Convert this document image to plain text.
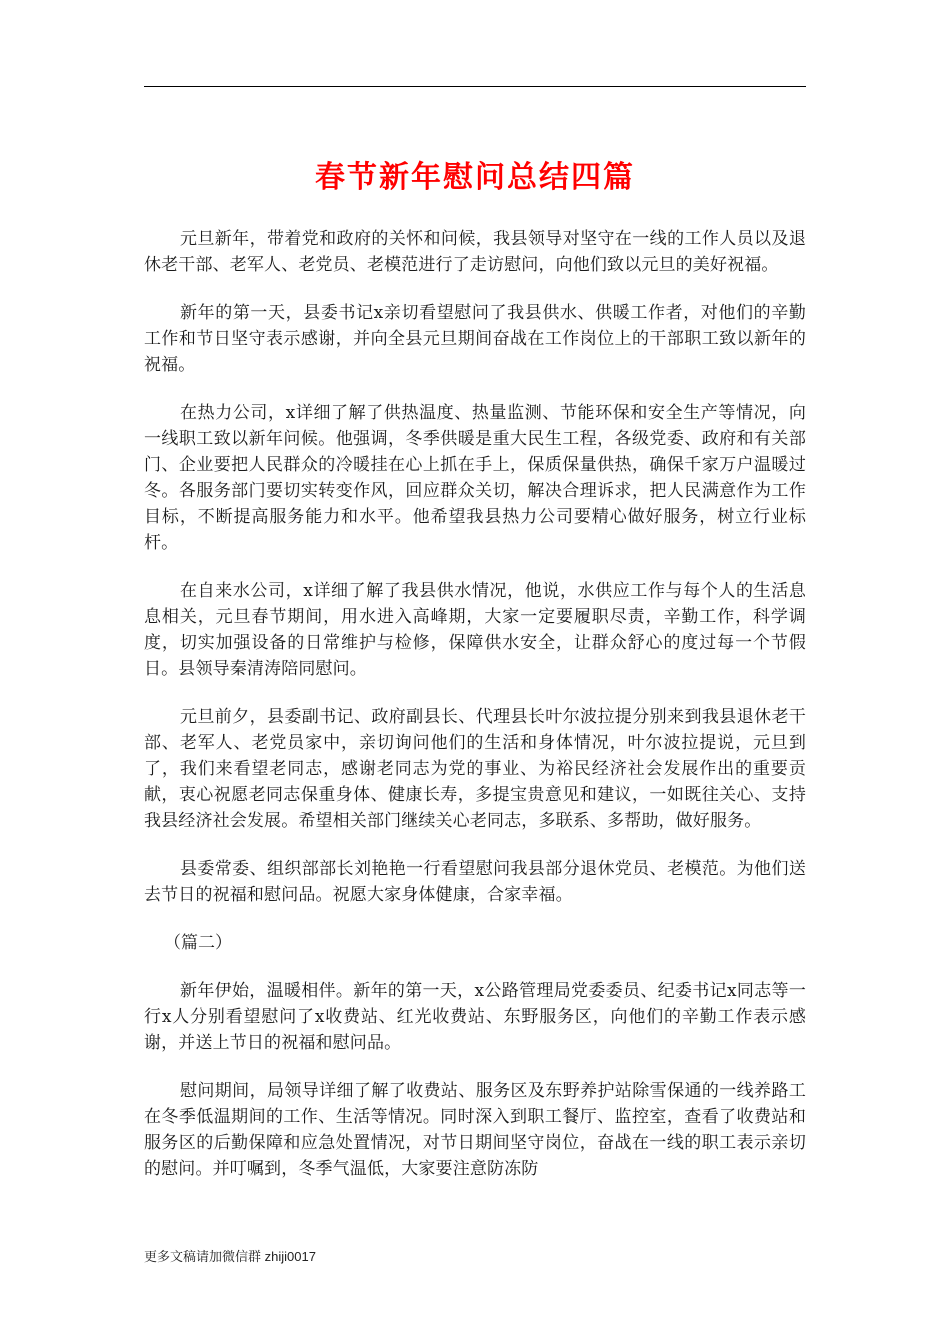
春节新年慰问总结四篇

元旦新年，带着党和政府的关怀和问候，我县领导对坚守在一线的工作人员以及退休老干部、老军人、老党员、老模范进行了走访慰问，向他们致以元旦的美好祝福。

新年的第一天，县委书记x亲切看望慰问了我县供水、供暖工作者，对他们的辛勤工作和节日坚守表示感谢，并向全县元旦期间奋战在工作岗位上的干部职工致以新年的祝福。

在热力公司，x详细了解了供热温度、热量监测、节能环保和安全生产等情况，向一线职工致以新年问候。他强调，冬季供暖是重大民生工程，各级党委、政府和有关部门、企业要把人民群众的冷暖挂在心上抓在手上，保质保量供热，确保千家万户温暖过冬。各服务部门要切实转变作风，回应群众关切，解决合理诉求，把人民满意作为工作目标，不断提高服务能力和水平。他希望我县热力公司要精心做好服务，树立行业标杆。

在自来水公司，x详细了解了我县供水情况，他说，水供应工作与每个人的生活息息相关，元旦春节期间，用水进入高峰期，大家一定要履职尽责，辛勤工作，科学调度，切实加强设备的日常维护与检修，保障供水安全，让群众舒心的度过每一个节假日。县领导秦清涛陪同慰问。

元旦前夕，县委副书记、政府副县长、代理县长叶尔波拉提分别来到我县退休老干部、老军人、老党员家中，亲切询问他们的生活和身体情况，叶尔波拉提说，元旦到了，我们来看望老同志，感谢老同志为党的事业、为裕民经济社会发展作出的重要贡献，衷心祝愿老同志保重身体、健康长寿，多提宝贵意见和建议，一如既往关心、支持我县经济社会发展。希望相关部门继续关心老同志，多联系、多帮助，做好服务。

县委常委、组织部部长刘艳艳一行看望慰问我县部分退休党员、老模范。为他们送去节日的祝福和慰问品。祝愿大家身体健康，合家幸福。

（篇二）

新年伊始，温暖相伴。新年的第一天，x公路管理局党委委员、纪委书记x同志等一行x人分别看望慰问了x收费站、红光收费站、东野服务区，向他们的辛勤工作表示感谢，并送上节日的祝福和慰问品。

慰问期间，局领导详细了解了收费站、服务区及东野养护站除雪保通的一线养路工在冬季低温期间的工作、生活等情况。同时深入到职工餐厅、监控室，查看了收费站和服务区的后勤保障和应急处置情况，对节日期间坚守岗位，奋战在一线的职工表示亲切的慰问。并叮嘱到，冬季气温低，大家要注意防冻防

更多文稿请加微信群 zhiji0017
